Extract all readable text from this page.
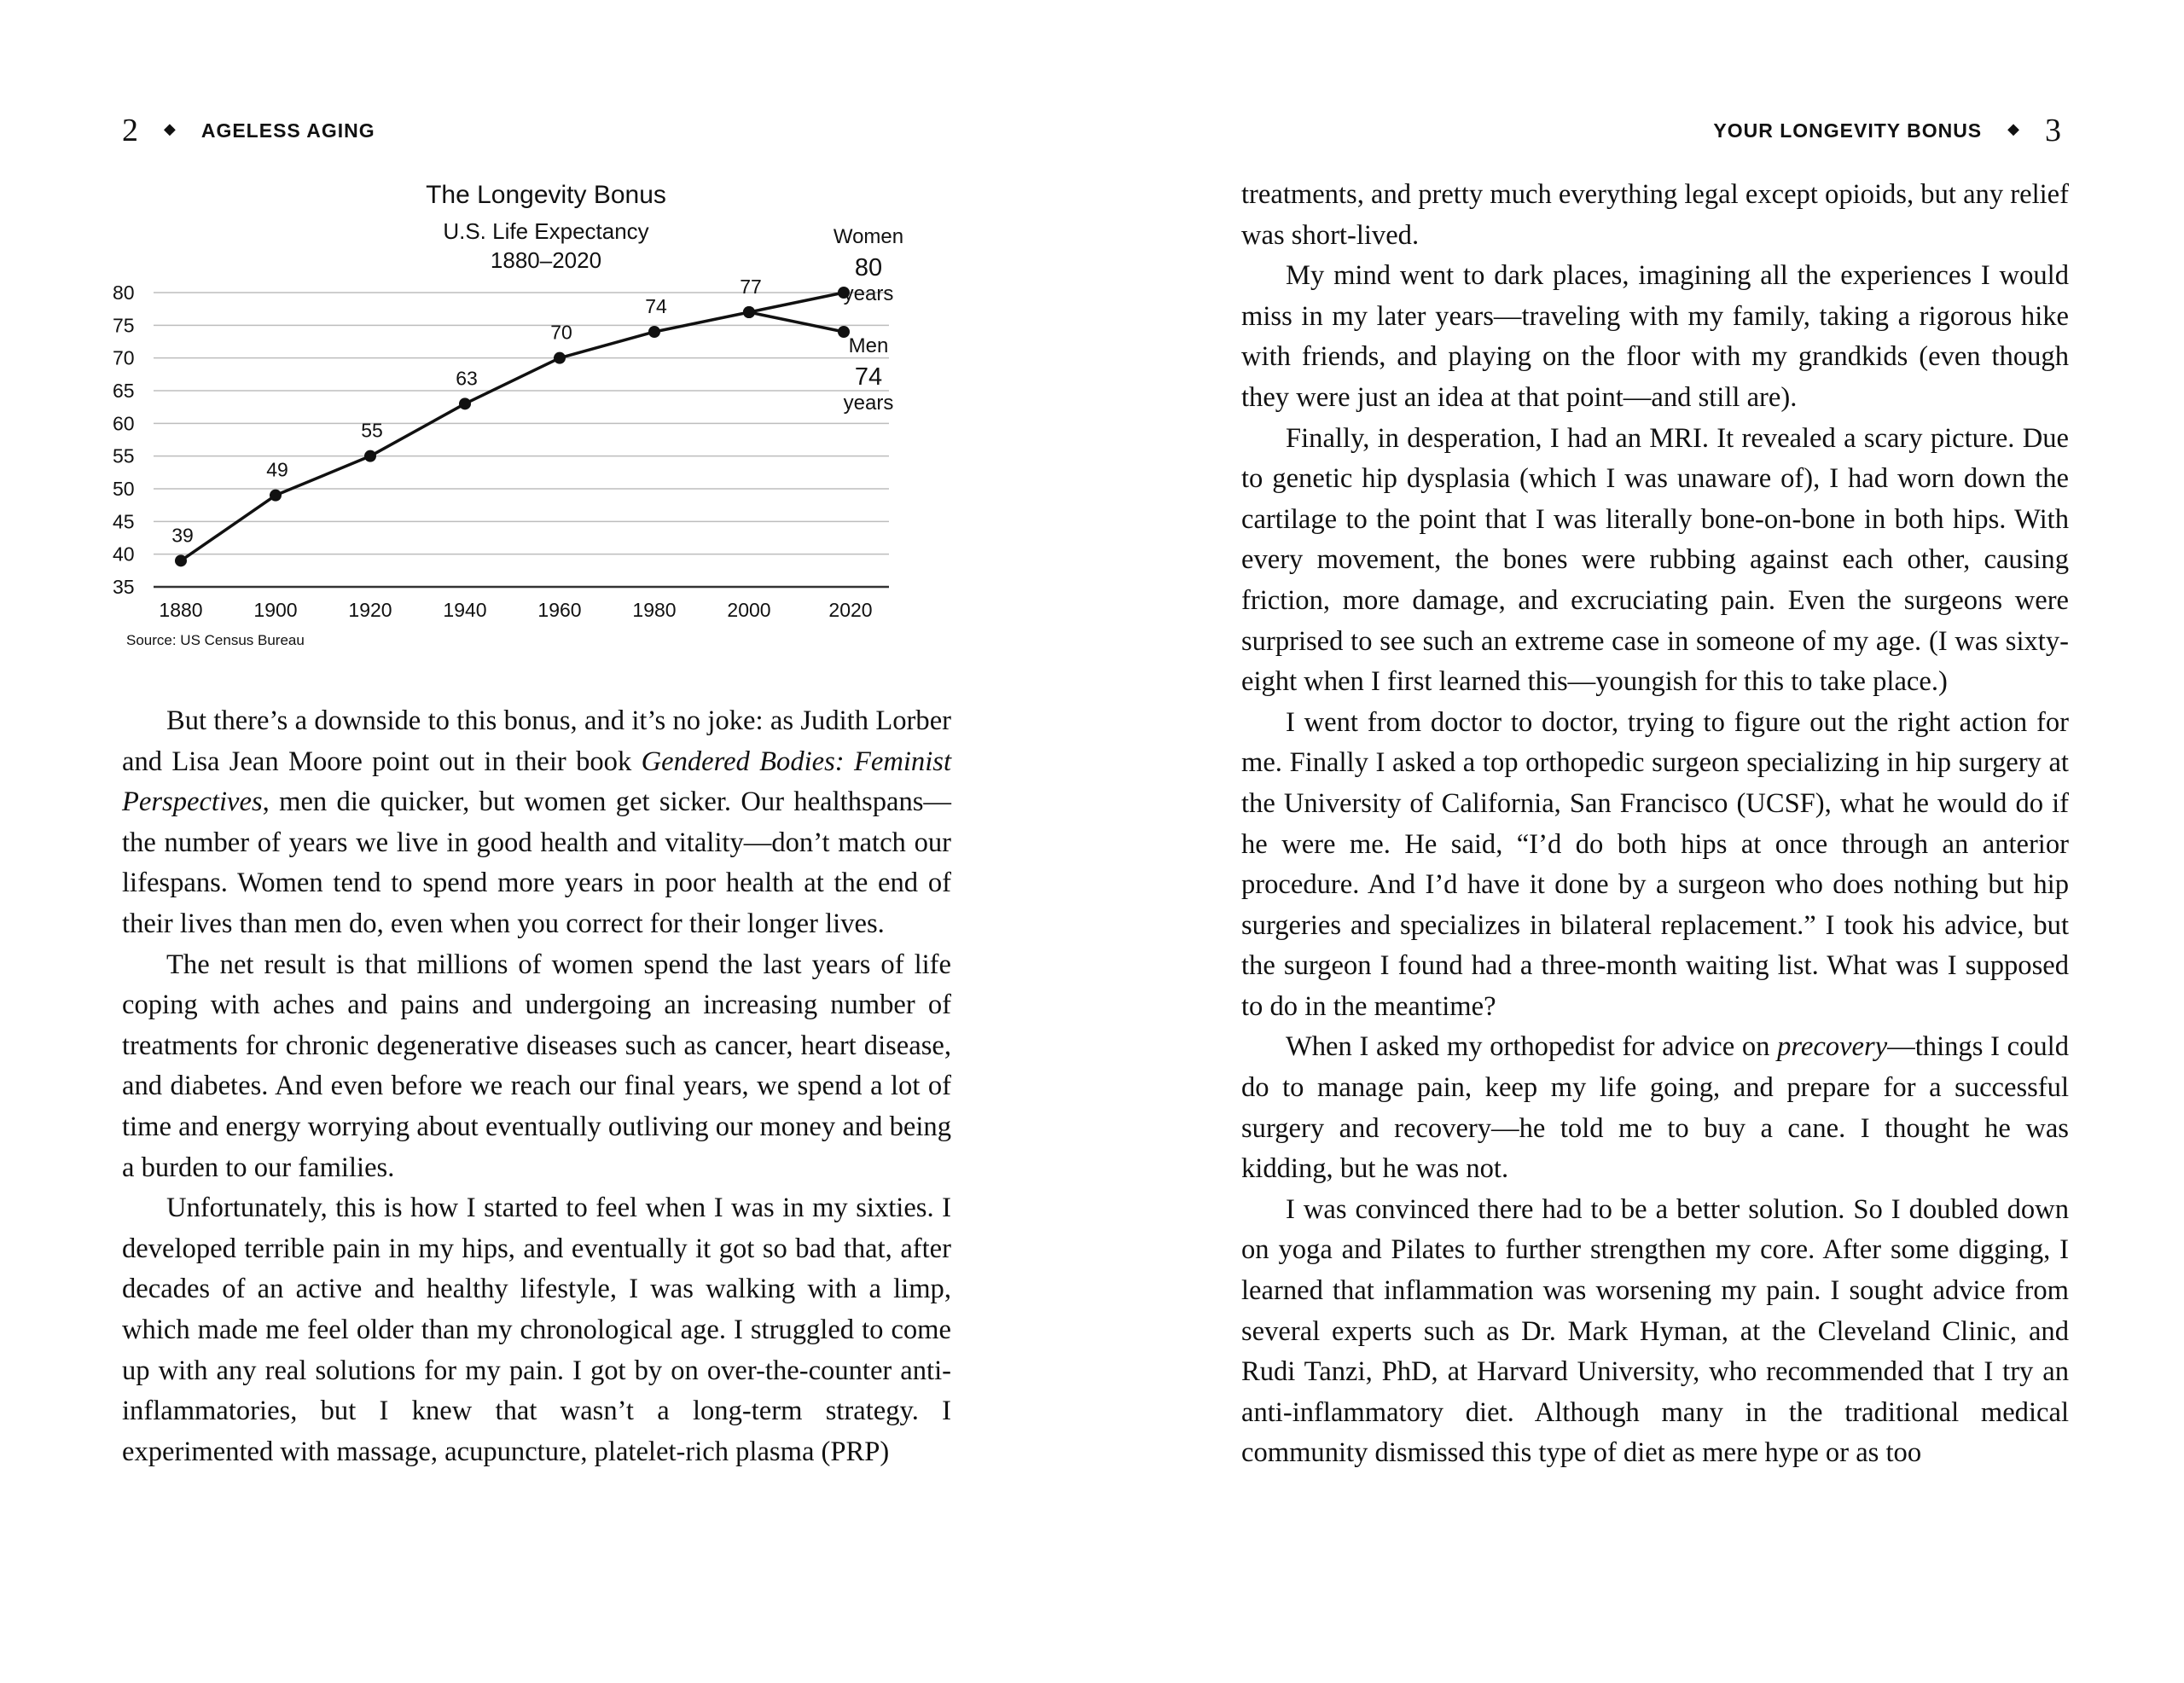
2 ◆ AGELESS AGING
The Longevity Bonus
U.S. Life Expectancy
1880–2020
35
40
45
50
55
60
65
70
75
80
1880	1900	1920	1940	1960	1980	2000	2020
39
49
55
63
70
74
77
Women
80
years
Men
74
years
Source: US Census Bureau

But there’s a downside to this bonus, and it’s no joke: as Judith Lorber and Lisa Jean Moore point out in their book Gendered Bodies: Feminist Perspectives, men die quicker, but women get sicker. Our healthspans—the number of years we live in good health and vitality—don’t match our lifespans. Women tend to spend more years in poor health at the end of their lives than men do, even when you correct for their longer lives.

The net result is that millions of women spend the last years of life coping with aches and pains and undergoing an increasing number of treatments for chronic degenerative diseases such as cancer, heart disease, and diabetes. And even before we reach our final years, we spend a lot of time and energy worrying about eventually outliving our money and being a burden to our families.

Unfortunately, this is how I started to feel when I was in my sixties. I developed terrible pain in my hips, and eventually it got so bad that, after decades of an active and healthy lifestyle, I was walking with a limp, which made me feel older than my chronological age. I struggled to come up with any real solutions for my pain. I got by on over-the-counter anti-inflammatories, but I knew that wasn’t a long-term strategy. I experimented with massage, acupuncture, platelet-rich plasma (PRP)

YOUR LONGEVITY BONUS ◆ 3

treatments, and pretty much everything legal except opioids, but any relief was short-lived.

My mind went to dark places, imagining all the experiences I would miss in my later years—traveling with my family, taking a rigorous hike with friends, and playing on the floor with my grandkids (even though they were just an idea at that point—and still are).

Finally, in desperation, I had an MRI. It revealed a scary picture. Due to genetic hip dysplasia (which I was unaware of), I had worn down the cartilage to the point that I was literally bone-on-bone in both hips. With every movement, the bones were rubbing against each other, causing friction, more damage, and excruciating pain. Even the surgeons were surprised to see such an extreme case in someone of my age. (I was sixty-eight when I first learned this—youngish for this to take place.)

I went from doctor to doctor, trying to figure out the right action for me. Finally I asked a top orthopedic surgeon specializing in hip surgery at the University of California, San Francisco (UCSF), what he would do if he were me. He said, “I’d do both hips at once through an anterior procedure. And I’d have it done by a surgeon who does nothing but hip surgeries and specializes in bilateral replacement.” I took his advice, but the surgeon I found had a three-month waiting list. What was I supposed to do in the meantime?

When I asked my orthopedist for advice on precovery—things I could do to manage pain, keep my life going, and prepare for a successful surgery and recovery—he told me to buy a cane. I thought he was kidding, but he was not.

I was convinced there had to be a better solution. So I doubled down on yoga and Pilates to further strengthen my core. After some digging, I learned that inflammation was worsening my pain. I sought advice from several experts such as Dr. Mark Hyman, at the Cleveland Clinic, and Rudi Tanzi, PhD, at Harvard University, who recommended that I try an anti-inflammatory diet. Although many in the traditional medical community dismissed this type of diet as mere hype or as too
